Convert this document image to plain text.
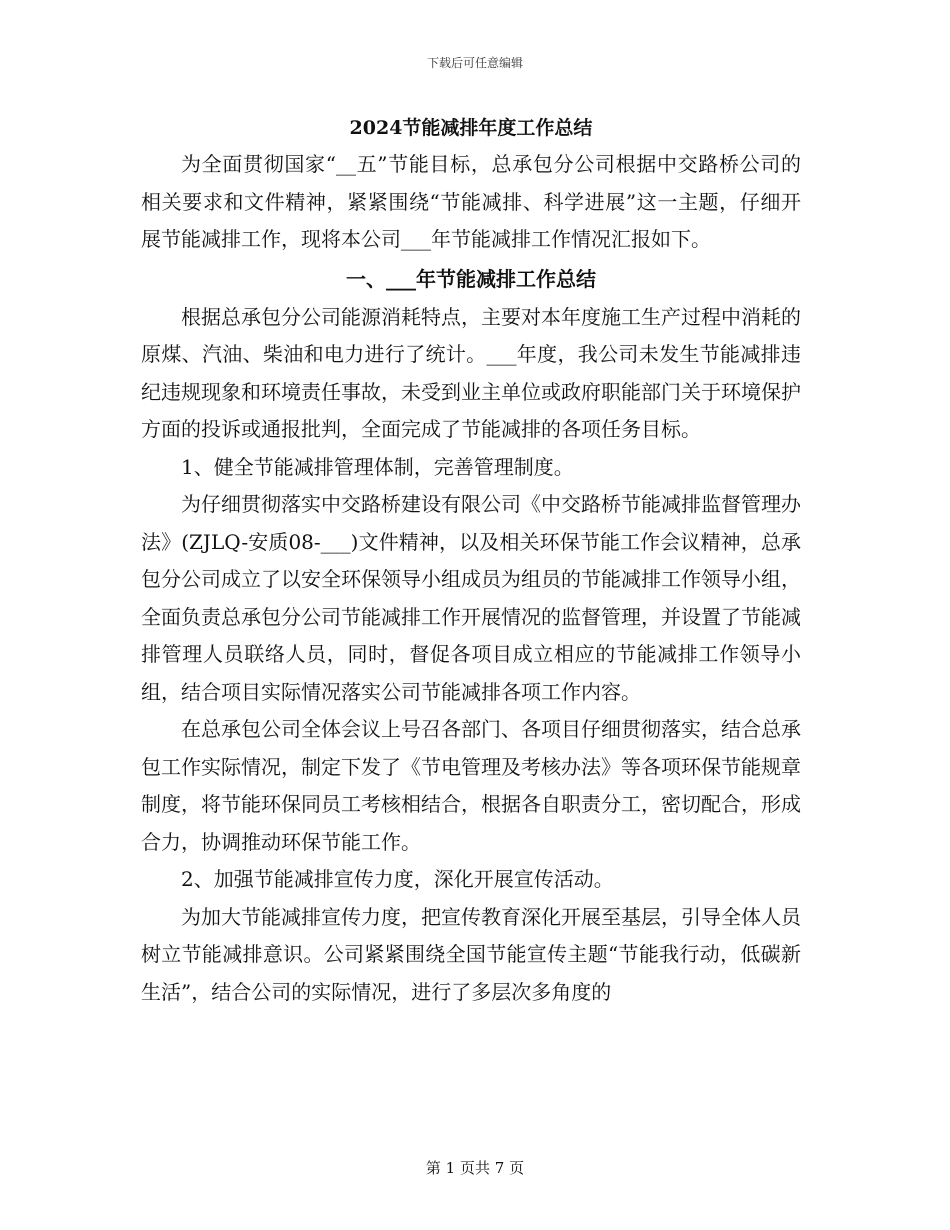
下载后可任意编辑
2024节能减排年度工作总结

为全面贯彻国家“__五”节能目标，总承包分公司根据中交路桥公司的相关要求和文件精神，紧紧围绕“节能减排、科学进展”这一主题，仔细开展节能减排工作，现将本公司___年节能减排工作情况汇报如下。

一、___年节能减排工作总结

根据总承包分公司能源消耗特点，主要对本年度施工生产过程中消耗的原煤、汽油、柴油和电力进行了统计。___年度，我公司未发生节能减排违纪违规现象和环境责任事故，未受到业主单位或政府职能部门关于环境保护方面的投诉或通报批判，全面完成了节能减排的各项任务目标。

1、健全节能减排管理体制，完善管理制度。

为仔细贯彻落实中交路桥建设有限公司《中交路桥节能减排监督管理办法》(ZJLQ-安质08-___)文件精神，以及相关环保节能工作会议精神，总承包分公司成立了以安全环保领导小组成员为组员的节能减排工作领导小组，全面负责总承包分公司节能减排工作开展情况的监督管理，并设置了节能减排管理人员联络人员，同时，督促各项目成立相应的节能减排工作领导小组，结合项目实际情况落实公司节能减排各项工作内容。

在总承包公司全体会议上号召各部门、各项目仔细贯彻落实，结合总承包工作实际情况，制定下发了《节电管理及考核办法》等各项环保节能规章制度，将节能环保同员工考核相结合，根据各自职责分工，密切配合，形成合力，协调推动环保节能工作。

2、加强节能减排宣传力度，深化开展宣传活动。

为加大节能减排宣传力度，把宣传教育深化开展至基层，引导全体人员树立节能减排意识。公司紧紧围绕全国节能宣传主题“节能我行动，低碳新生活”，结合公司的实际情况，进行了多层次多角度的

第 1 页共 7 页
